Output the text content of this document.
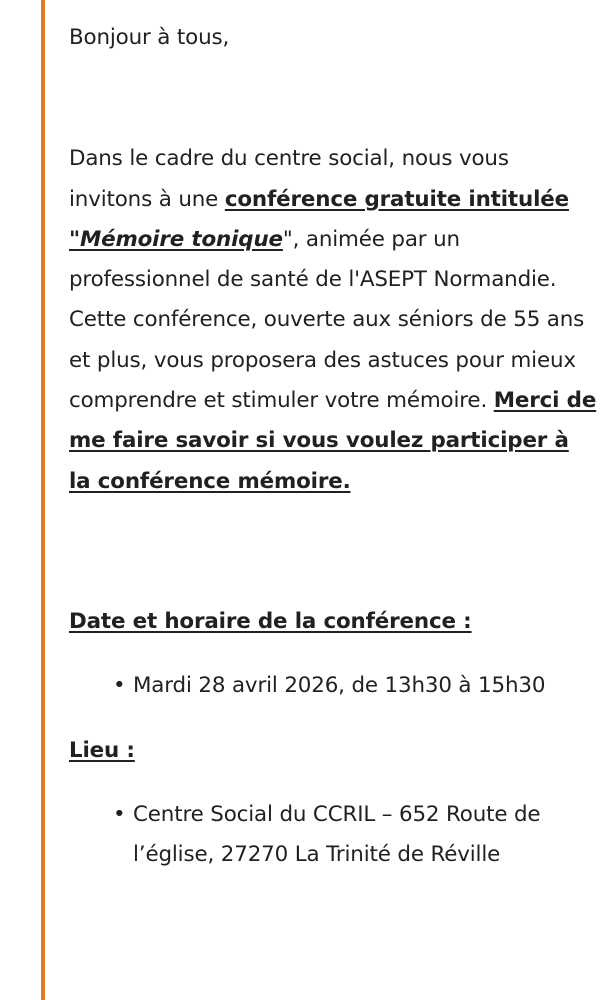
Bonjour à tous,

Dans le cadre du centre social, nous vous invitons à une conférence gratuite intitulée "Mémoire tonique", animée par un professionnel de santé de l'ASEPT Normandie. Cette conférence, ouverte aux séniors de 55 ans et plus, vous proposera des astuces pour mieux comprendre et stimuler votre mémoire. Merci de me faire savoir si vous voulez participer à la conférence mémoire.

Date et horaire de la conférence :

• Mardi 28 avril 2026, de 13h30 à 15h30

Lieu :

• Centre Social du CCRIL – 652 Route de l’église, 27270 La Trinité de Réville
